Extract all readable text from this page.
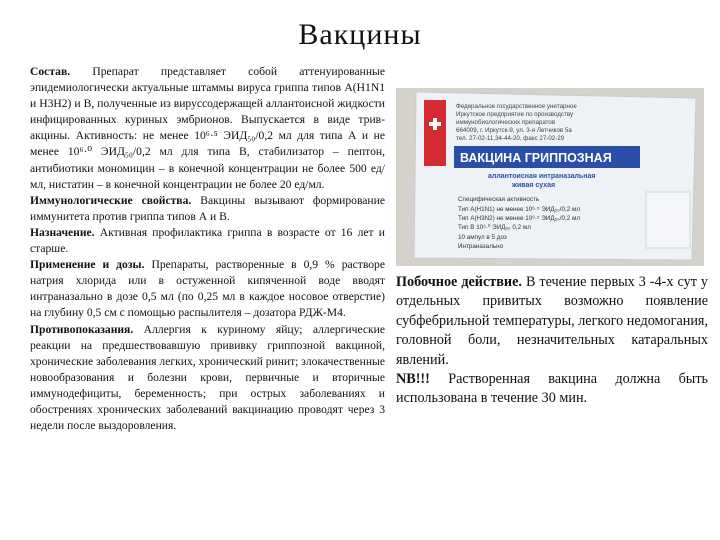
Вакцины

Состав. Препарат представляет собой аттенуированные эпидемиологически актуальные штаммы вируса гриппа типов А(H1N1 и H3H2) и В, полученные из вируссодержащей аллантоисной жидкости инфицированных куриных эмбрионов. Выпускается в виде тривакцины. Активность: не менее 10⁶·⁵ ЭИД₅₀/0,2 мл для типа А и не менее 10⁶·⁰ ЭИД₅₀/0,2 мл для типа В, стабилизатор – пептон, антибиотики мономицин – в конечной концентрации не более 500 ед/мл, нистатин – в конечной концентрации не более 20 ед/мл.

Иммунологические свойства. Вакцины вызывают формирование иммунитета против гриппа типов А и В.

Назначение. Активная профилактика гриппа в возрасте от 16 лет и старше.

Применение и дозы. Препараты, растворенные в 0,9 % растворе натрия хлорида или в остуженной кипяченной воде вводят интраназально в дозе 0,5 мл (по 0,25 мл в каждое носовое отверстие) на глубину 0,5 см с помощью распылителя – дозатора РДЖ-М4.

Противопоказания. Аллергия к куриному яйцу; аллергические реакции на предшествовавшую прививку гриппозной вакциной, хронические заболевания легких, хронический ринит; злокачественные новообразования и болезни крови, первичные и вторичные иммунодефициты, беременность; при острых заболеваниях и обострениях хронических заболеваний вакцинацию проводят через 3 недели после выздоровления.

Федеральное государственное унитарное
Иркутское предприятие по производству
иммунобиологических препаратов
664009, г. Иркутск-9, ул. 3-я Летчиков 5а
тел. 27-02-11,34-44-20, факс 27-02-29
ВАКЦИНА ГРИППОЗНАЯ
аллантоисная интраназальная
живая сухая
Специфическая активность
Тип А(H1N1) не менее 10⁶·⁵ ЭИД₅₀/0,2 мл
Тип А(H3N2) не менее 10⁶·⁵ ЭИД₅₀/0,2 мл
Тип В 10⁶·⁰ ЭИД₅₀ 0,2 мл
10 ампул в 5 доз
Интраназально

Побочное действие. В течение первых 3 -4-х сут у отдельных привитых возможно появление субфебрильной температуры, легкого недомогания, головной боли, незначительных катаральных явлений.

NB!!! Растворенная вакцина должна быть использована в течение 30 мин.
